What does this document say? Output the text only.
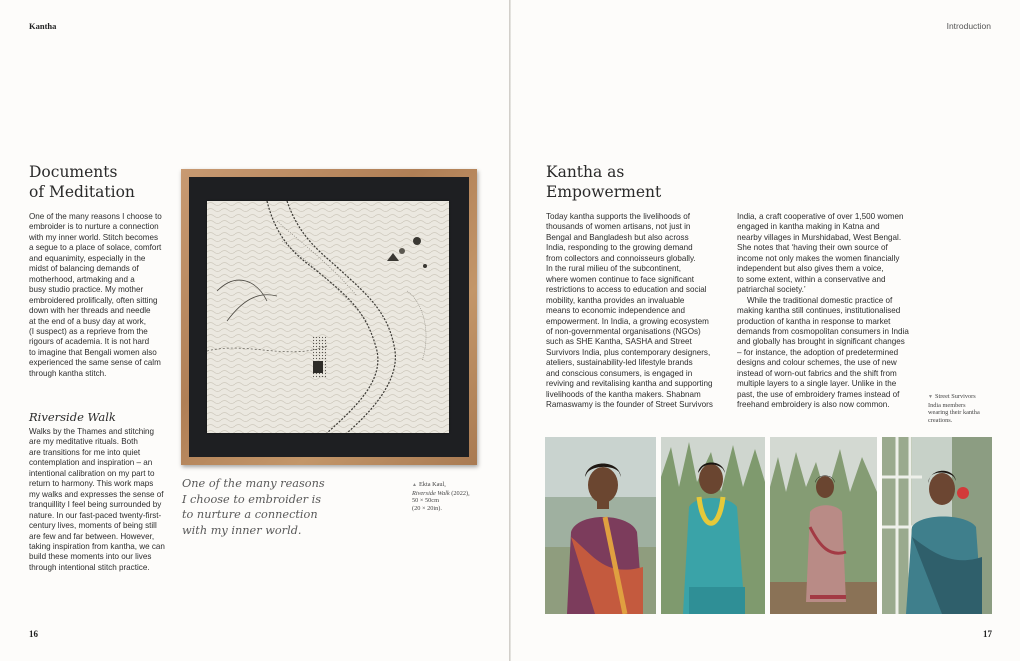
Kantha
Documents
of Meditation

One of the many reasons I choose to
embroider is to nurture a connection
with my inner world. Stitch becomes
a segue to a place of solace, comfort
and equanimity, especially in the
midst of balancing demands of
motherhood, artmaking and a
busy studio practice. My mother
embroidered prolifically, often sitting
down with her threads and needle
at the end of a busy day at work,
(I suspect) as a reprieve from the
rigours of academia. It is not hard
to imagine that Bengali women also
experienced the same sense of calm
through kantha stitch.

Riverside Walk

Walks by the Thames and stitching
are my meditative rituals. Both
are transitions for me into quiet
contemplation and inspiration – an
intentional calibration on my part to
return to harmony. This work maps
my walks and expresses the sense of
tranquillity I feel being surrounded by
nature. In our fast-paced twenty-first-
century lives, moments of being still
are few and far between. However,
taking inspiration from kantha, we can
build these moments into our lives
through intentional stitch practice.

One of the many reasons
I choose to embroider is
to nurture a connection
with my inner world.
▲ Ekta Kaul,
Riverside Walk (2022),
50 × 50cm
(20 × 20in).
16
Introduction
Kantha as
Empowerment

Today kantha supports the livelihoods of
thousands of women artisans, not just in
Bengal and Bangladesh but also across
India, responding to the growing demand
from collectors and connoisseurs globally.
In the rural milieu of the subcontinent,
where women continue to face significant
restrictions to access to education and social
mobility, kantha provides an invaluable
means to economic independence and
empowerment. In India, a growing ecosystem
of non-governmental organisations (NGOs)
such as SHE Kantha, SASHA and Street
Survivors India, plus contemporary designers,
ateliers, sustainability-led lifestyle brands
and conscious consumers, is engaged in
reviving and revitalising kantha and supporting
livelihoods of the kantha makers. Shabnam
Ramaswamy is the founder of Street Survivors

India, a craft cooperative of over 1,500 women
engaged in kantha making in Katna and
nearby villages in Murshidabad, West Bengal.
She notes that ‘having their own source of
income not only makes the women financially
independent but also gives them a voice,
to some extent, within a conservative and
patriarchal society.’

While the traditional domestic practice of
making kantha still continues, institutionalised
production of kantha in response to market
demands from cosmopolitan consumers in India
and globally has brought in significant changes
– for instance, the adoption of predetermined
designs and colour schemes, the use of new
instead of worn-out fabrics and the shift from
multiple layers to a single layer. Unlike in the
past, the use of embroidery frames instead of
freehand embroidery is also now common.

▼ Street Survivors
India members
wearing their kantha
creations.
17
